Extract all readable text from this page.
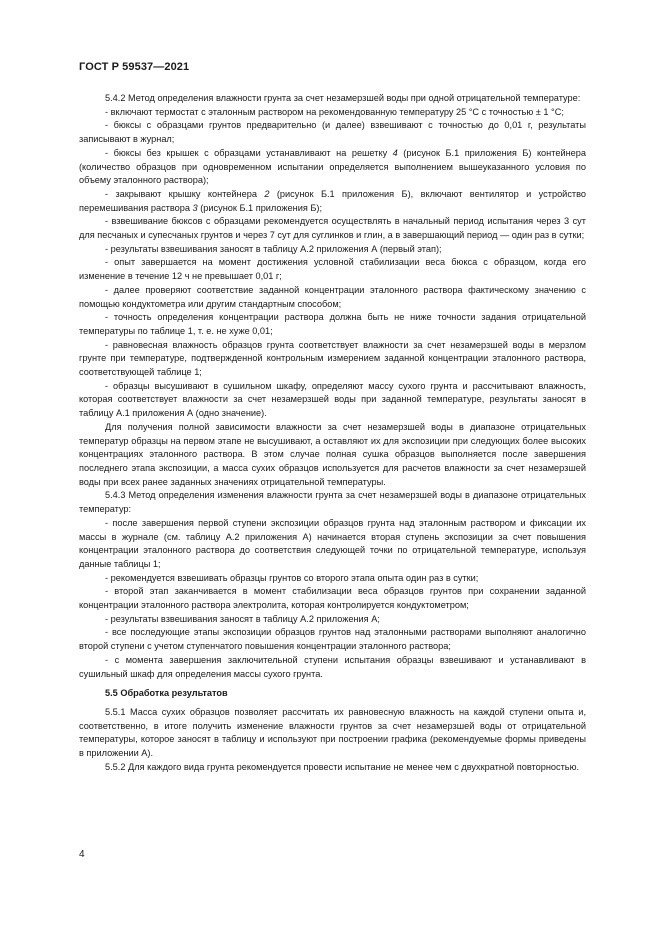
ГОСТ Р 59537—2021

5.4.2 Метод определения влажности грунта за счет незамерзшей воды при одной отрицательной температуре:

- включают термостат с эталонным раствором на рекомендованную температуру 25 °С с точностью ± 1 °С;

- бюксы с образцами грунтов предварительно (и далее) взвешивают с точностью до 0,01 г, результаты записывают в журнал;

- бюксы без крышек с образцами устанавливают на решетку 4 (рисунок Б.1 приложения Б) контейнера (количество образцов при одновременном испытании определяется выполнением вышеуказанного условия по объему эталонного раствора);

- закрывают крышку контейнера 2 (рисунок Б.1 приложения Б), включают вентилятор и устройство перемешивания раствора 3 (рисунок Б.1 приложения Б);

- взвешивание бюксов с образцами рекомендуется осуществлять в начальный период испытания через 3 сут для песчаных и супесчаных грунтов и через 7 сут для суглинков и глин, а в завершающий период — один раз в сутки;

- результаты взвешивания заносят в таблицу А.2 приложения А (первый этап);

- опыт завершается на момент достижения условной стабилизации веса бюкса с образцом, когда его изменение в течение 12 ч не превышает 0,01 г;

- далее проверяют соответствие заданной концентрации эталонного раствора фактическому значению с помощью кондуктометра или другим стандартным способом;

- точность определения концентрации раствора должна быть не ниже точности задания отрицательной температуры по таблице 1, т. е. не хуже 0,01;

- равновесная влажность образцов грунта соответствует влажности за счет незамерзшей воды в мерзлом грунте при температуре, подтвержденной контрольным измерением заданной концентрации эталонного раствора, соответствующей таблице 1;

- образцы высушивают в сушильном шкафу, определяют массу сухого грунта и рассчитывают влажность, которая соответствует влажности за счет незамерзшей воды при заданной температуре, результаты заносят в таблицу А.1 приложения А (одно значение).

Для получения полной зависимости влажности за счет незамерзшей воды в диапазоне отрицательных температур образцы на первом этапе не высушивают, а оставляют их для экспозиции при следующих более высоких концентрациях эталонного раствора. В этом случае полная сушка образцов выполняется после завершения последнего этапа экспозиции, а масса сухих образцов используется для расчетов влажности за счет незамерзшей воды при всех ранее заданных значениях отрицательной температуры.

5.4.3 Метод определения изменения влажности грунта за счет незамерзшей воды в диапазоне отрицательных температур:

- после завершения первой ступени экспозиции образцов грунта над эталонным раствором и фиксации их массы в журнале (см. таблицу А.2 приложения А) начинается вторая ступень экспозиции за счет повышения концентрации эталонного раствора до соответствия следующей точки по отрицательной температуре, используя данные таблицы 1;

- рекомендуется взвешивать образцы грунтов со второго этапа опыта один раз в сутки;

- второй этап заканчивается в момент стабилизации веса образцов грунтов при сохранении заданной концентрации эталонного раствора электролита, которая контролируется кондуктометром;

- результаты взвешивания заносят в таблицу А.2 приложения А;

- все последующие этапы экспозиции образцов грунтов над эталонными растворами выполняют аналогично второй ступени с учетом ступенчатого повышения концентрации эталонного раствора;

- с момента завершения заключительной ступени испытания образцы взвешивают и устанавливают в сушильный шкаф для определения массы сухого грунта.

5.5 Обработка результатов

5.5.1 Масса сухих образцов позволяет рассчитать их равновесную влажность на каждой ступени опыта и, соответственно, в итоге получить изменение влажности грунтов за счет незамерзшей воды от отрицательной температуры, которое заносят в таблицу и используют при построении графика (рекомендуемые формы приведены в приложении А).

5.5.2 Для каждого вида грунта рекомендуется провести испытание не менее чем с двухкратной повторностью.

4
